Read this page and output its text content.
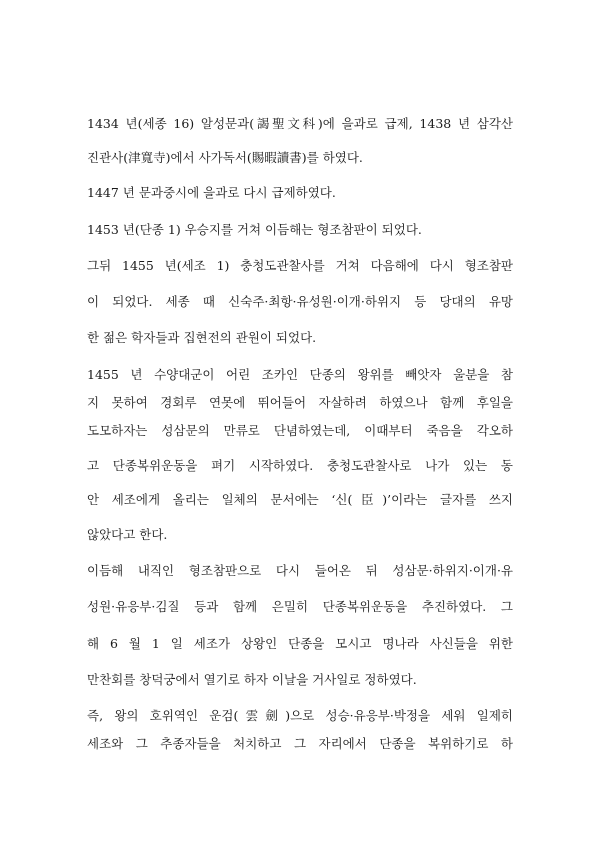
1434 년(세종 16) 알성문과(謁聖文科)에 을과로 급제, 1438 년 삼각산
진관사(津寬寺)에서 사가독서(賜暇讀書)를 하였다.
1447 년 문과중시에 을과로 다시 급제하였다.
1453 년(단종 1) 우승지를 거쳐 이듬해는 형조참판이 되었다.
그뒤 1455 년(세조 1) 충청도관찰사를 거쳐 다음해에 다시 형조참판
이 되었다. 세종 때 신숙주·최항·유성원·이개·하위지 등 당대의 유망
한 젊은 학자들과 집현전의 관원이 되었다.
1455 년 수양대군이 어린 조카인 단종의 왕위를 빼앗자 울분을 참
지 못하여 경회루 연못에 뛰어들어 자살하려 하였으나 함께 후일을
도모하자는 성삼문의 만류로 단념하였는데, 이때부터 죽음을 각오하
고 단종복위운동을 펴기 시작하였다. 충청도관찰사로 나가 있는 동
안 세조에게 올리는 일체의 문서에는 ‘신(臣)’이라는 글자를 쓰지
않았다고 한다.
이듬해 내직인 형조참판으로 다시 들어온 뒤 성삼문·하위지·이개·유
성원·유응부·김질 등과 함께 은밀히 단종복위운동을 추진하였다. 그
해 6 월 1 일 세조가 상왕인 단종을 모시고 명나라 사신들을 위한
만찬회를 창덕궁에서 열기로 하자 이날을 거사일로 정하였다.
즉, 왕의 호위역인 운검(雲劍)으로 성승·유응부·박정을 세워 일제히
세조와 그 추종자들을 처치하고 그 자리에서 단종을 복위하기로 하
